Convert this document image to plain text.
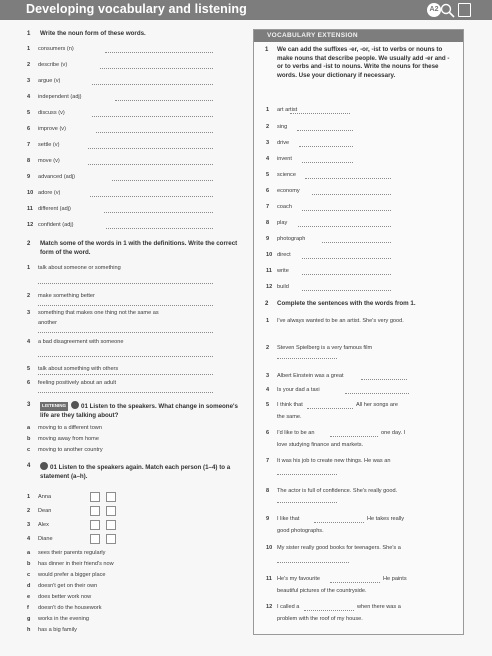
Developing vocabulary and listening	A2
1 Write the noun form of these words.
1 consumers (n)
2 describe (v)
3 argue (v)
4 independent (adj)
5 discuss (v)
6 improve (v)
7 settle (v)
8 move (v)
9 advanced (adj)
10 adore (v)
11 different (adj)
12 confident (adj)
2 Match some of the words in 1 with the definitions. Write the correct form of the word.
1 talk about someone or something
2 make something better
3 something that makes one thing not the same as
another
4 a bad disagreement with someone
5 talk about something with others
6 feeling positively about an adult
3	LISTENING 01 Listen to the speakers. What change in someone's life are they talking about?
a moving to a different town
b moving away from home
c moving to another country
4	01 Listen to the speakers again. Match each person (1–4) to a statement (a–h).
1 Anna
2 Dean
3 Alex
4 Diane
a sees their parents regularly
b has dinner in their friend's now
c would prefer a bigger place
d doesn't get on their own
e does better work now
f doesn't do the housework
g works in the evening
h has a big family
VOCABULARY EXTENSION
1 We can add the suffixes -er, -or, -ist to verbs or nouns to make nouns that describe people. We usually add -er and -or to verbs and -ist to nouns. Write the nouns for these words. Use your dictionary if necessary.
1 art artist
2 sing
3 drive
4 invent
5 science
6 economy
7 coach
8 play
9 photograph
10 direct
11 write
12 build
2 Complete the sentences with the words from 1.
1 I've always wanted to be an artist. She's very good.
2 Steven Spielberg is a very famous film
3 Albert Einstein was a great
4 Is your dad a taxi
5 I think that	All her songs are
the same.
6 I'd like to be an	one day. I
love studying finance and markets.
7 It was his job to create new things. He was an
8 The actor is full of confidence. She's really good.
9 I like that	He takes really
good photographs.
10 My sister really good books for teenagers. She's a
11 He's my favourite	He paints
beautiful pictures of the countryside.
12 I called a	when there was a
problem with the roof of my house.
